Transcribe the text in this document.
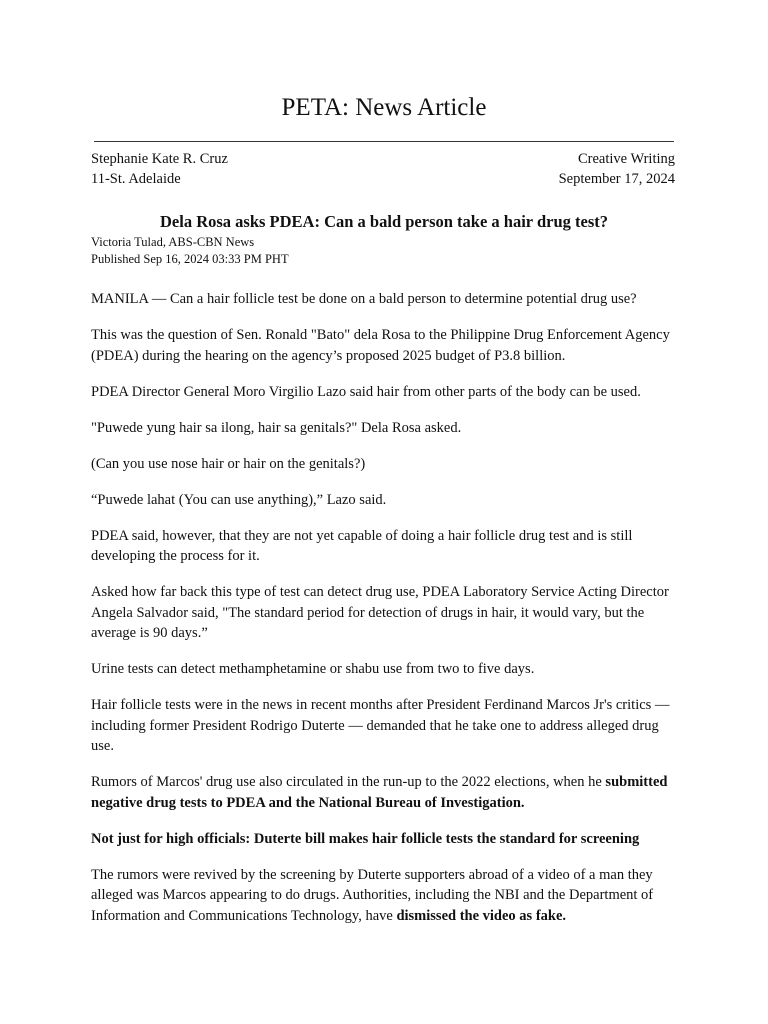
PETA: News Article
Stephanie Kate R. Cruz
11-St. Adelaide
Creative Writing
September 17, 2024
Dela Rosa asks PDEA: Can a bald person take a hair drug test?
Victoria Tulad, ABS-CBN News
Published Sep 16, 2024 03:33 PM PHT

MANILA — Can a hair follicle test be done on a bald person to determine potential drug use?

This was the question of Sen. Ronald "Bato" dela Rosa to the Philippine Drug Enforcement Agency (PDEA) during the hearing on the agency’s proposed 2025 budget of P3.8 billion.

PDEA Director General Moro Virgilio Lazo said hair from other parts of the body can be used.

"Puwede yung hair sa ilong, hair sa genitals?" Dela Rosa asked.

(Can you use nose hair or hair on the genitals?)

“Puwede lahat (You can use anything),” Lazo said.

PDEA said, however, that they are not yet capable of doing a hair follicle drug test and is still developing the process for it.

Asked how far back this type of test can detect drug use, PDEA Laboratory Service Acting Director Angela Salvador said, "The standard period for detection of drugs in hair, it would vary, but the average is 90 days.”

Urine tests can detect methamphetamine or shabu use from two to five days.

Hair follicle tests were in the news in recent months after President Ferdinand Marcos Jr's critics — including former President Rodrigo Duterte — demanded that he take one to address alleged drug use.

Rumors of Marcos' drug use also circulated in the run-up to the 2022 elections, when he submitted negative drug tests to PDEA and the National Bureau of Investigation.

Not just for high officials: Duterte bill makes hair follicle tests the standard for screening

The rumors were revived by the screening by Duterte supporters abroad of a video of a man they alleged was Marcos appearing to do drugs. Authorities, including the NBI and the Department of Information and Communications Technology, have dismissed the video as fake.
